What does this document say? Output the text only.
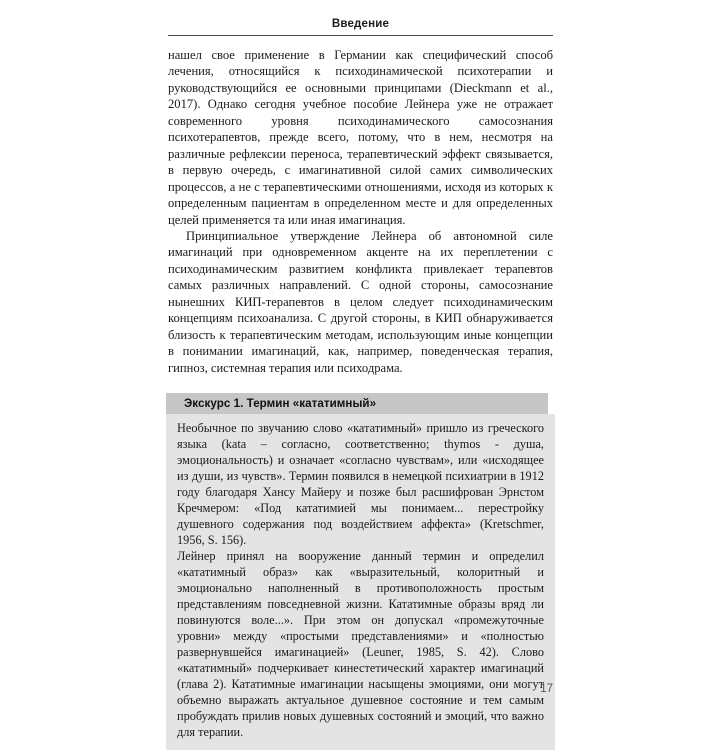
Введение

нашел свое применение в Германии как специфический способ лечения, относящийся к психодинамической психотерапии и руководствующийся ее основными принципами (Dieckmann et al., 2017). Однако сегодня учебное пособие Лейнера уже не отражает современного уровня психодинамического самосознания психотерапевтов, прежде всего, потому, что в нем, несмотря на различные рефлексии переноса, терапевтический эффект связывается, в первую очередь, с имагинативной силой самих символических процессов, а не с терапевтическими отношениями, исходя из которых к определенным пациентам в определенном месте и для определенных целей применяется та или иная имагинация.

Принципиальное утверждение Лейнера об автономной силе имагинаций при одновременном акценте на их переплетении с психодинамическим развитием конфликта привлекает терапевтов самых различных направлений. С одной стороны, самосознание нынешних КИП-терапевтов в целом следует психодинамическим концепциям психоанализа. С другой стороны, в КИП обнаруживается близость к терапевтическим методам, использующим иные концепции в понимании имагинаций, как, например, поведенческая терапия, гипноз, системная терапия или психодрама.

Экскурс 1. Термин «кататимный»

Необычное по звучанию слово «кататимный» пришло из греческого языка (kata – согласно, соответственно; thymos - душа, эмоциональность) и означает «согласно чувствам», или «исходящее из души, из чувств». Термин появился в немецкой психиатрии в 1912 году благодаря Хансу Майеру и позже был расшифрован Эрнстом Кречмером: «Под кататимией мы понимаем... перестройку душевного содержания под воздействием аффекта» (Kretschmer, 1956, S. 156).

Лейнер принял на вооружение данный термин и определил «кататимный образ» как «выразительный, колоритный и эмоционально наполненный в противоположность простым представлениям повседневной жизни. Кататимные образы вряд ли повинуются воле...». При этом он допускал «промежуточные уровни» между «простыми представлениями» и «полностью развернувшейся имагинацией» (Leuner, 1985, S. 42). Слово «кататимный» подчеркивает кинестетический характер имагинаций (глава 2). Кататимные имагинации насыщены эмоциями, они могут объемно выражать актуальное душевное состояние и тем самым пробуждать прилив новых душевных состояний и эмоций, что важно для терапии.

17
